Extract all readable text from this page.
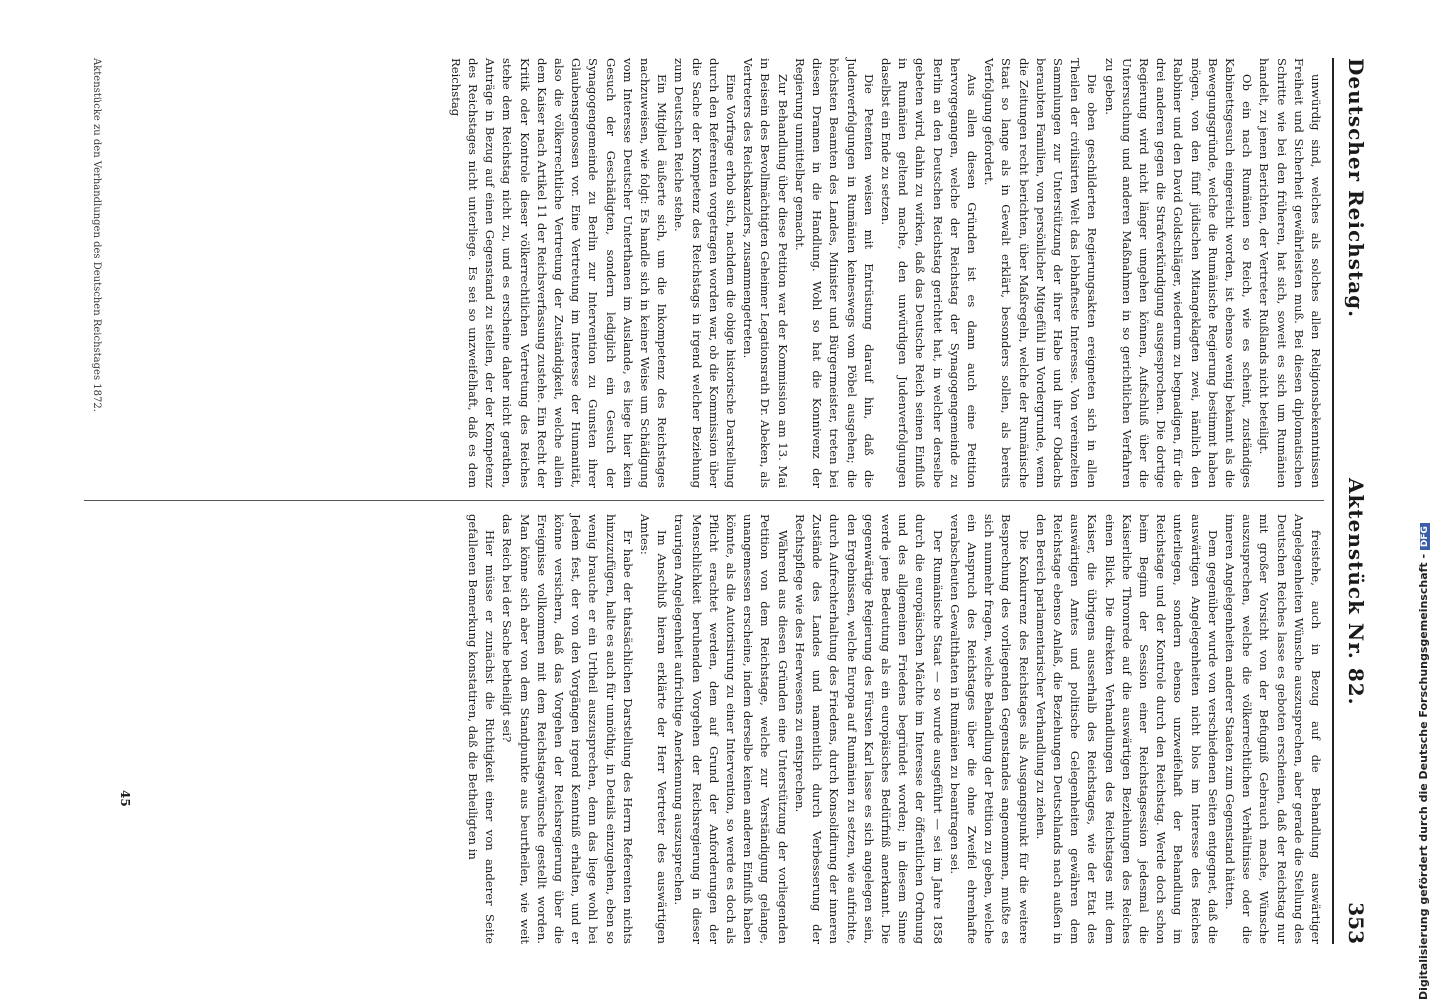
Deutscher Reichstag.
Aktenstück Nr. 82.
353

unwürdig sind, welches als solches allen Religionsbekenntnissen Freiheit und Sicherheit gewährleisten muß. Bei diesen diplomatischen Schritte wie bei den früheren, hat sich, soweit es sich um Rumänien handelt, zu jenen Berichten, der Vertreter Rußlands nicht beteiligt.

Ob ein nach Rumänien so Reich, wie es scheint, zuständiges Kabinettsgesuch eingereicht worden, ist ebenso wenig bekannt als die Bewegungsgründe, welche die Rumänische Regierung bestimmt haben mögen, von den fünf jüdischen Mitangeklagten zwei, nämlich den Rabbiner und den David Goldschläger, wiederum zu begnadigen, für die drei anderen gegen die Strafverkündigung ausgesprochen. Die dortige Regierung wird nicht länger umgehen können, Aufschluß über die Untersuchung und anderen Maßnahmen in so gerichtlichen Verfahren zu geben.

Die oben geschilderten Regierungsakten ereigneten sich in allen Theilen der civilisirten Welt das lebhafteste Interesse. Von vereinzelten Sammlungen zur Unterstützung der ihrer Habe und ihrer Obdachs beraubten Familien, von persönlicher Mitgefühl im Vordergrunde, wenn die Zeitungen recht berichten, über Maßregeln, welche der Rumänische Staat so lange als in Gewalt erklärt, besonders sollen, als bereits Verfolgung gefordert.

Aus allen diesen Gründen ist es dann auch eine Petition hervorgegangen, welche der Reichstag der Synagogengemeinde zu Berlin an den Deutschen Reichstag gerichtet hat, in welcher derselbe gebeten wird, dahin zu wirken, daß das Deutsche Reich seinen Einfluß in Rumänien geltend mache, den unwürdigen Judenverfolgungen daselbst ein Ende zu setzen.

Die Petenten weisen mit Entrüstung darauf hin, daß die Judenverfolgungen in Rumänien keineswegs vom Pöbel ausgehen; die höchsten Beamten des Landes, Minister und Bürgermeister, treten bei diesen Dramen in die Handlung. Wohl so hat die Konnivenz der Regierung unmittelbar gemacht.

Zur Behandlung über diese Petition war der Kommission am 13. Mai in Beisein des Bevollmächtigten Geheimer Legationsrath Dr. Abeken, als Vertreters des Reichskanzlers, zusammengetreten.

Eine Vorfrage erhob sich, nachdem die obige historische Darstellung durch den Referenten vorgetragen worden war, ob die Kommission über die Sache der Kompetenz des Reichstags in irgend welcher Beziehung zum Deutschen Reiche stehe.

Ein Mitglied äußerte sich, um die Inkompetenz des Reichstages nachzuweisen, wie folgt: Es handle sich in keiner Weise um Schädigung vom Interesse Deutscher Unterthanen im Auslande, es liege hier kein Gesuch der Geschädigten, sondern lediglich ein Gesuch der Synagogengemeinde zu Berlin zur Intervention zu Gunsten ihrer Glaubensgenossen vor. Eine Vertretung im Interesse der Humanität, also die völkerrechtliche Vertretung der Zuständigkeit, welche allein dem Kaiser nach Artikel 11 der Reichsverfassung zustehe. Ein Recht der Kritik oder Kontrole dieser völkerrechtlichen Vertretung des Reiches stehe dem Reichstag nicht zu, und es erscheine daher nicht gerathen, Anträge in Bezug auf einen Gegenstand zu stellen, der der Kompetenz des Reichstages nicht unterliege. Es sei so unzweifelhaft, daß es dem Reichstag

freistehe, auch in Bezug auf die Behandlung auswärtiger Angelegenheiten Wünsche auszusprechen, aber gerade die Stellung des Deutschen Reiches lasse es geboten erscheinen, daß der Reichstag nur mit großer Vorsicht von der Befugniß Gebrauch mache, Wünsche auszusprechen, welche die völkerrechtlichen Verhältnisse oder die inneren Angelegenheiten anderer Staaten zum Gegenstand hätten.

Dem gegenüber wurde von verschiedenen Seiten entgegnet, daß die auswärtigen Angelegenheiten nicht blos im Interesse des Reiches unterliegen, sondern ebenso unzweifelhaft der Behandlung im Reichstage und der Kontrole durch den Reichstag. Werde doch schon beim Beginn der Session einer Reichstagsession jedesmal die Kaiserliche Thronrede auf die auswärtigen Beziehungen des Reiches einen Blick. Die direkten Verhandlungen des Reichstages mit dem Kaiser, die übrigens ausserhalb des Reichstages, wie der Etat des auswärtigen Amtes und politische Gelegenheiten gewähren dem Reichstage ebenso Anlaß, die Beziehungen Deutschlands nach außen in den Bereich parlamentarischer Verhandlung zu ziehen.

Die Konkurrenz des Reichstages als Ausgangspunkt für die weitere Besprechung des vorliegenden Gegenstandes angenommen, mußte es sich nunmehr fragen, welche Behandlung der Petition zu geben, welche ein Anspruch des Reichstages über die ohne Zweifel ehrenhafte verabscheuten Gewaltthaten in Rumänien zu beantragen sei.

Der Rumänische Staat — so wurde ausgeführt — sei im Jahre 1858 durch die europäischen Mächte im Interesse der öffentlichen Ordnung und des allgemeinen Friedens begründet worden; in diesem Sinne werde jene Bedeutung als ein europäisches Bedürfniß anerkannt. Die gegenwärtige Regierung des Fürsten Karl lasse es sich angelegen sein, den Ergebnissen, welche Europa auf Rumänien zu setzen, wie aufrichte, durch Aufrechterhaltung des Friedens, durch Konsolidirung der inneren Zustände des Landes und namentlich durch Verbesserung der Rechtspflege wie des Heerwesens zu entsprechen.

Während aus diesen Gründen eine Unterstützung der vorliegenden Petition von dem Reichstage, welche zur Verständigung gelange, unangemessen erscheine, indem derselbe keinen anderen Einfluß haben könnte, als die Autorisirung zu einer Intervention, so werde es doch als Pflicht erachtet werden, dem auf Grund der Anforderungen der Menschlichkeit beruhenden Vorgehen der Reichsregierung in dieser traurigen Angelegenheit aufrichtige Anerkennung auszusprechen.

Im Anschluß hieran erklärte der Herr Vertreter des auswärtigen Amtes:

Er habe der thatsächlichen Darstellung des Herrn Referenten nichts hinzuzufügen, halte es auch für unnöthig, in Details einzugehen, eben so wenig brauche er ein Urtheil auszusprechen, denn das liege wohl bei Jedem fest, der von den Vorgängen irgend Kenntniß erhalten, und er könne versichern, daß das Vorgehen der Reichsregierung über die Ereignisse vollkommen mit dem Reichstagswünsche gestellt worden. Man könne sich aber von dem Standpunkte aus beurtheilen, wie weit das Reich bei der Sache betheiligt sei?

Hier müsse er zunächst die Richtigkeit einer von anderer Seite gefallenen Bemerkung konstatiren, daß die Betheiligten in

Aktenstücke zu den Verhandlungen des Deutschen Reichstages 1872.
45	Digitalisierung gefördert durch die Deutsche Forschungsgemeinschaft - DFG
